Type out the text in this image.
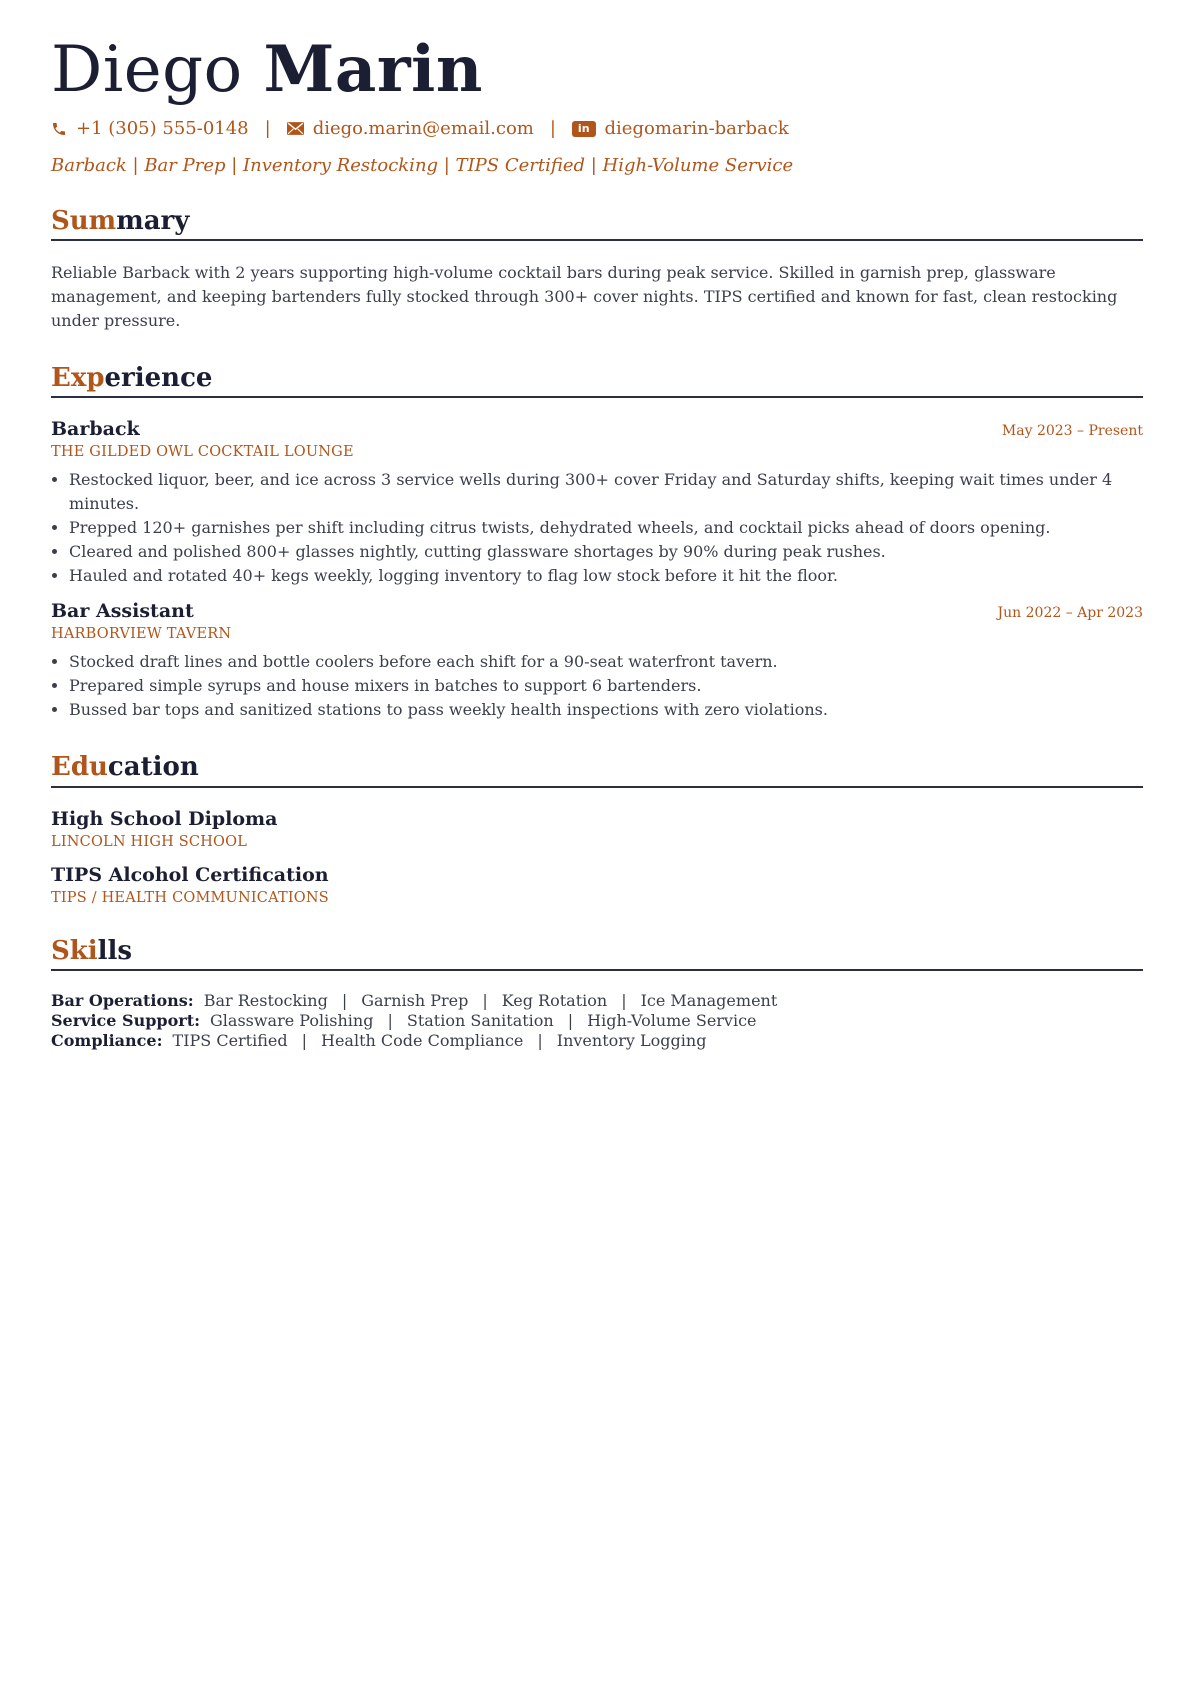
Diego Marin
+1 (305) 555-0148 | diego.marin@email.com |	in diegomarin-barback
Barback | Bar Prep | Inventory Restocking | TIPS Certified | High-Volume Service
Summary
Reliable Barback with 2 years supporting high-volume cocktail bars during peak service. Skilled in garnish prep, glassware management, and keeping bartenders fully stocked through 300+ cover nights. TIPS certified and known for fast, clean restocking under pressure.
Experience
Barback	May 2023 – Present
THE GILDED OWL COCKTAIL LOUNGE
• Restocked liquor, beer, and ice across 3 service wells during 300+ cover Friday and Saturday shifts, keeping wait times under 4 minutes.
• Prepped 120+ garnishes per shift including citrus twists, dehydrated wheels, and cocktail picks ahead of doors opening.
• Cleared and polished 800+ glasses nightly, cutting glassware shortages by 90% during peak rushes.
• Hauled and rotated 40+ kegs weekly, logging inventory to flag low stock before it hit the floor.
Bar Assistant	Jun 2022 – Apr 2023
HARBORVIEW TAVERN
• Stocked draft lines and bottle coolers before each shift for a 90-seat waterfront tavern.
• Prepared simple syrups and house mixers in batches to support 6 bartenders.
• Bussed bar tops and sanitized stations to pass weekly health inspections with zero violations.
Education
High School Diploma
LINCOLN HIGH SCHOOL
TIPS Alcohol Certification
TIPS / HEALTH COMMUNICATIONS
Skills
Bar Operations: Bar Restocking | Garnish Prep | Keg Rotation | Ice Management
Service Support: Glassware Polishing | Station Sanitation | High-Volume Service
Compliance: TIPS Certified | Health Code Compliance | Inventory Logging
